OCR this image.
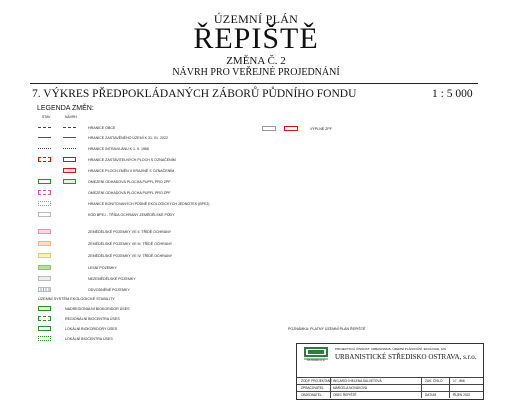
ÚZEMNÍ PLÁN
ŘEPIŠTĚ
ZMĚNA Č. 2
NÁVRH PRO VEŘEJNÉ PROJEDNÁNÍ
7. VÝKRES PŘEDPOKLÁDANÝCH ZÁBORŮ PŮDNÍHO FONDU	1 : 5 000
LEGENDA ZMĚN:
STAV	NÁVRH
HRANICE OBCE
HRANICE ZASTAVĚNÉHO ÚZEMÍ K 31. 01. 2022
HRANICE INTRAVILÁNU K 1. 9. 1966
HRANICE ZASTAVITELNÝCH PLOCH S OZNAČENÍM
HRANICE PLOCH ZMĚN V KRAJINĚ S OZNAČENÍM
OMEZENÍ ODHADOVÁ PLOCHA PUPFL PRO ZPF
OMEZENÍ ODHADOVÁ PLOCHA PUPFL PRO ZPF
HRANICE BONITOVANÝCH PŮDNĚ EKOLOGICKÝCH JEDNOTEK (BPEJ)
KÓD BPEJ - TŘÍDA OCHRANY ZEMĚDĚLSKÉ PŮDY
ZEMĚDĚLSKÉ POZEMKY VE II. TŘÍDĚ OCHRANY
ZEMĚDĚLSKÉ POZEMKY VE III. TŘÍDĚ OCHRANY
ZEMĚDĚLSKÉ POZEMKY VE IV. TŘÍDĚ OCHRANY
LESNÍ POZEMKY
NEZEMĚDĚLSKÉ POZEMKY
ODVODNĚNÉ POZEMKY
ÚZEMNÍ SYSTÉM EKOLOGICKÉ STABILITY
NADREGIONÁLNÍ BIOKORIDOR ÚSES
REGIONÁLNÍ BIOCENTRA ÚSES
LOKÁLNÍ BIOKORIDORY ÚSES
LOKÁLNÍ BIOCENTRA ÚSES
VÝPLNÉ ZPF
POZNÁMKA: PLATNÝ ÚZEMNÍ PLÁN ŘEPIŠTĚ
OSTRAVA s.r.o.
PROJEKTOVÁ ČINNOST: URBANISMUS, ÚZEMNÍ PLÁNOVÁNÍ, EKOLOGIE, GIS
URBANISTICKÉ STŘEDISKO OSTRAVA, s.r.o.
ŽODP. PROJEKTANT ING.ARCH.HELENA SALVETOVÁ	ZAK. ČÍSLO	17 - 866
ZPRACOVATEL	MARCELA NOVÁKOVÁ
OBJEDNATEL	OBEC ŘEPIŠTĚ	DATUM	ŘÍJEN 2022
